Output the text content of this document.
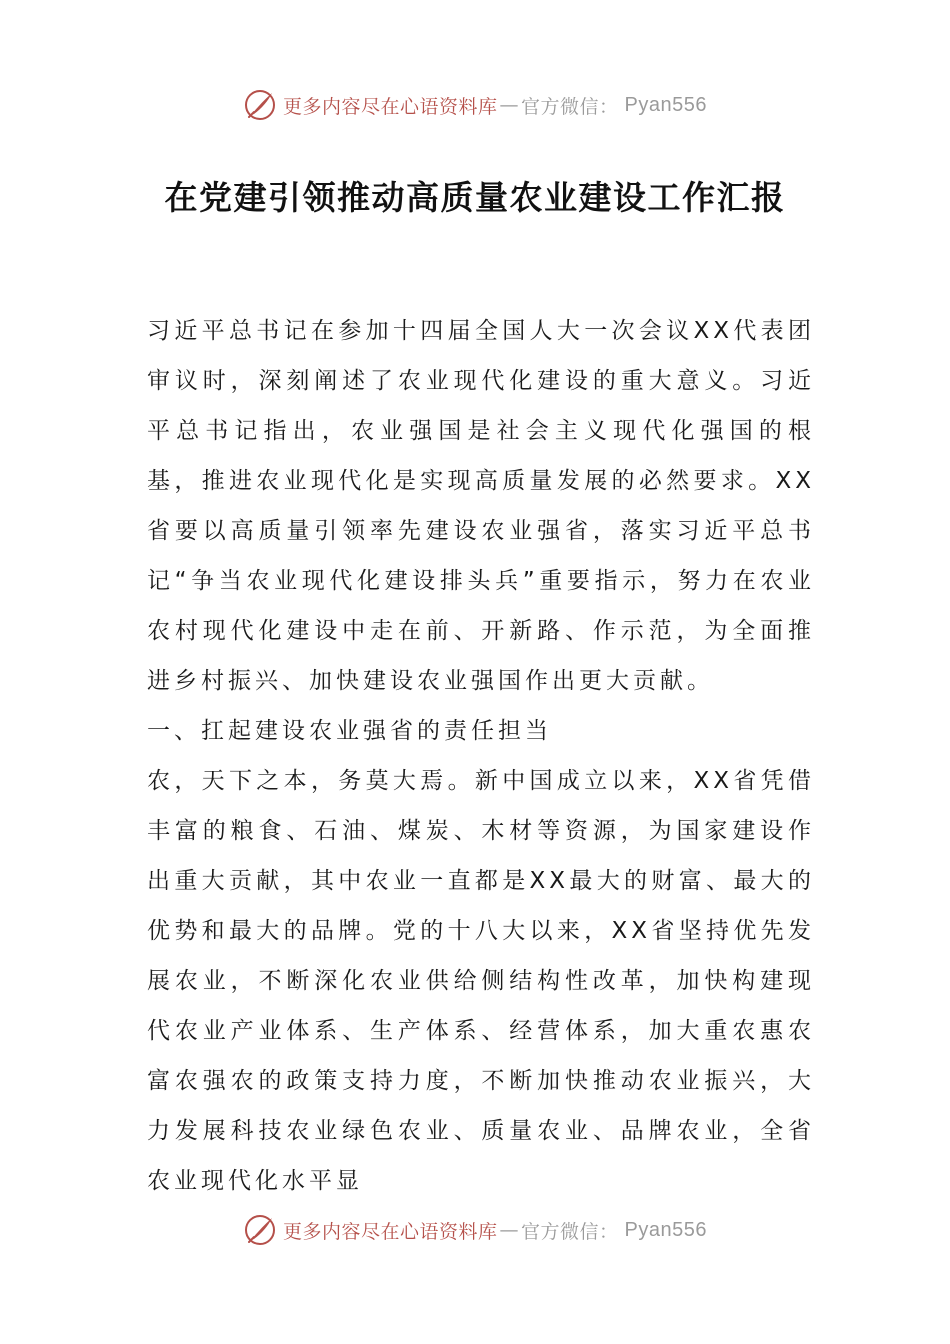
更多内容尽在心语资料库 — 官方微信： Pyan556
在党建引领推动高质量农业建设工作汇报

习近平总书记在参加十四届全国人大一次会议XX代表团审议时，深刻阐述了农业现代化建设的重大意义。习近平总书记指出，农业强国是社会主义现代化强国的根基，推进农业现代化是实现高质量发展的必然要求。XX省要以高质量引领率先建设农业强省，落实习近平总书记“争当农业现代化建设排头兵”重要指示，努力在农业农村现代化建设中走在前、开新路、作示范，为全面推进乡村振兴、加快建设农业强国作出更大贡献。

一、扛起建设农业强省的责任担当

农，天下之本，务莫大焉。新中国成立以来，XX省凭借丰富的粮食、石油、煤炭、木材等资源，为国家建设作出重大贡献，其中农业一直都是XX最大的财富、最大的优势和最大的品牌。党的十八大以来，XX省坚持优先发展农业，不断深化农业供给侧结构性改革，加快构建现代农业产业体系、生产体系、经营体系，加大重农惠农富农强农的政策支持力度，不断加快推动农业振兴，大力发展科技农业绿色农业、质量农业、品牌农业，全省农业现代化水平显

更多内容尽在心语资料库 — 官方微信： Pyan556
